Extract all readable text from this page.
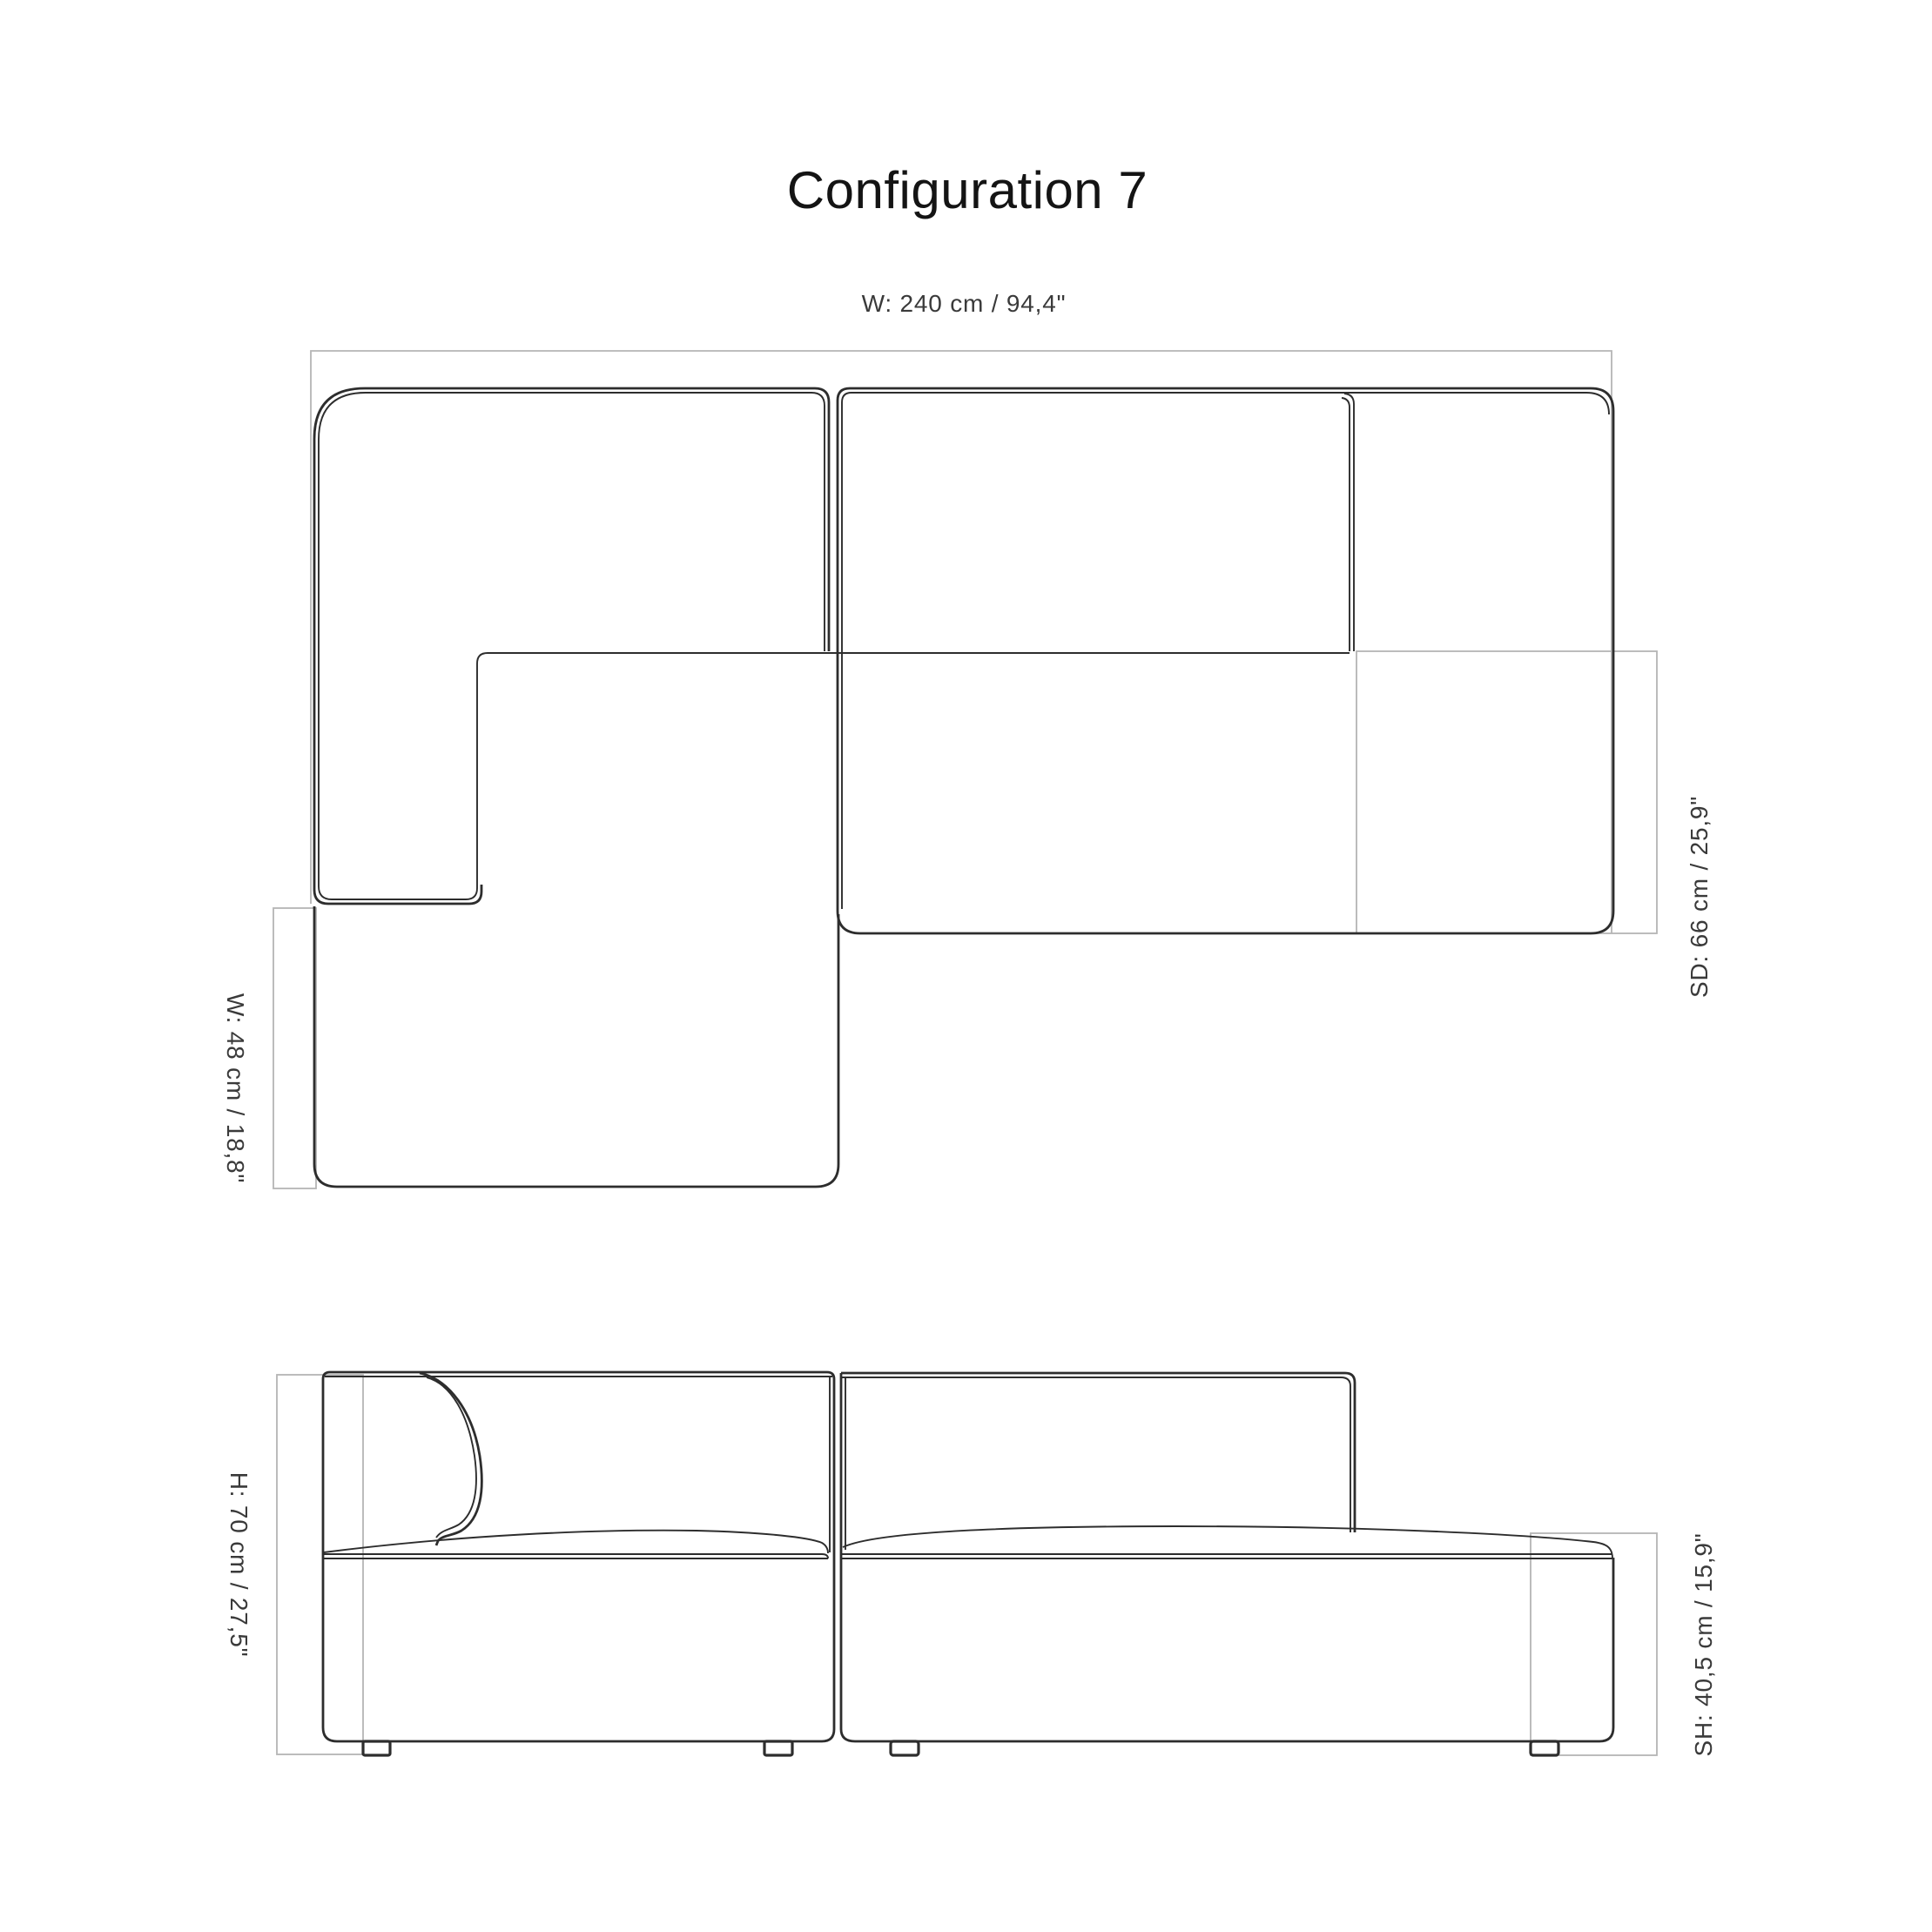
Configuration 7
W: 240 cm / 94,4"
SD: 66 cm / 25,9"
W: 48 cm / 18,8"
H: 70 cm / 27,5"	SH: 40,5 cm / 15,9"
